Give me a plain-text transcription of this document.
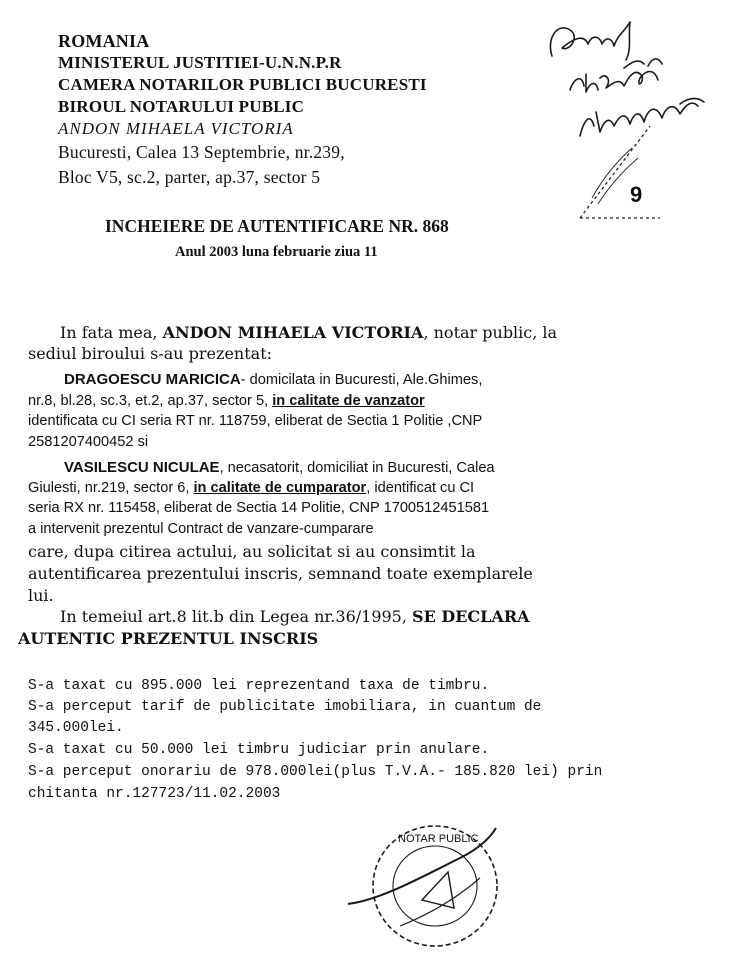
ROMANIA
MINISTERUL JUSTITIEI-U.N.N.P.R
CAMERA NOTARILOR PUBLICI BUCURESTI
BIROUL NOTARULUI PUBLIC
ANDON MIHAELA VICTORIA
Bucuresti, Calea 13 Septembrie, nr.239,
Bloc V5, sc.2, parter, ap.37, sector 5
INCHEIERE DE AUTENTIFICARE NR. 868
Anul 2003 luna februarie ziua 11
In fata mea, ANDON MIHAELA VICTORIA, notar public, la
sediul biroului s-au prezentat:
DRAGOESCU MARICICA- domicilata in Bucuresti, Ale.Ghimes,
nr.8, bl.28, sc.3, et.2, ap.37, sector 5, in calitate de vanzator
identificata cu CI seria RT nr. 118759, eliberat de Sectia 1 Politie ,CNP
2581207400452 si
VASILESCU NICULAE, necasatorit, domiciliat in Bucuresti, Calea
Giulesti, nr.219, sector 6, in calitate de cumparator, identificat cu CI
seria RX nr. 115458, eliberat de Sectia 14 Politie, CNP 1700512451581
a intervenit prezentul Contract de vanzare-cumparare
care, dupa citirea actului, au solicitat si au consimtit la
autentificarea prezentului inscris, semnand toate exemplarele
lui.
In temeiul art.8 lit.b din Legea nr.36/1995, SE DECLARA
AUTENTIC PREZENTUL INSCRIS
S-a taxat cu 895.000 lei reprezentand taxa de timbru.
S-a perceput tarif de publicitate imobiliara, in cuantum de
345.000lei.
S-a taxat cu 50.000 lei timbru judiciar prin anulare.
S-a perceput onorariu de 978.000lei(plus T.V.A.- 185.820 lei) prin
chitanta nr.127723/11.02.2003
9
NOTAR PUBLIC
